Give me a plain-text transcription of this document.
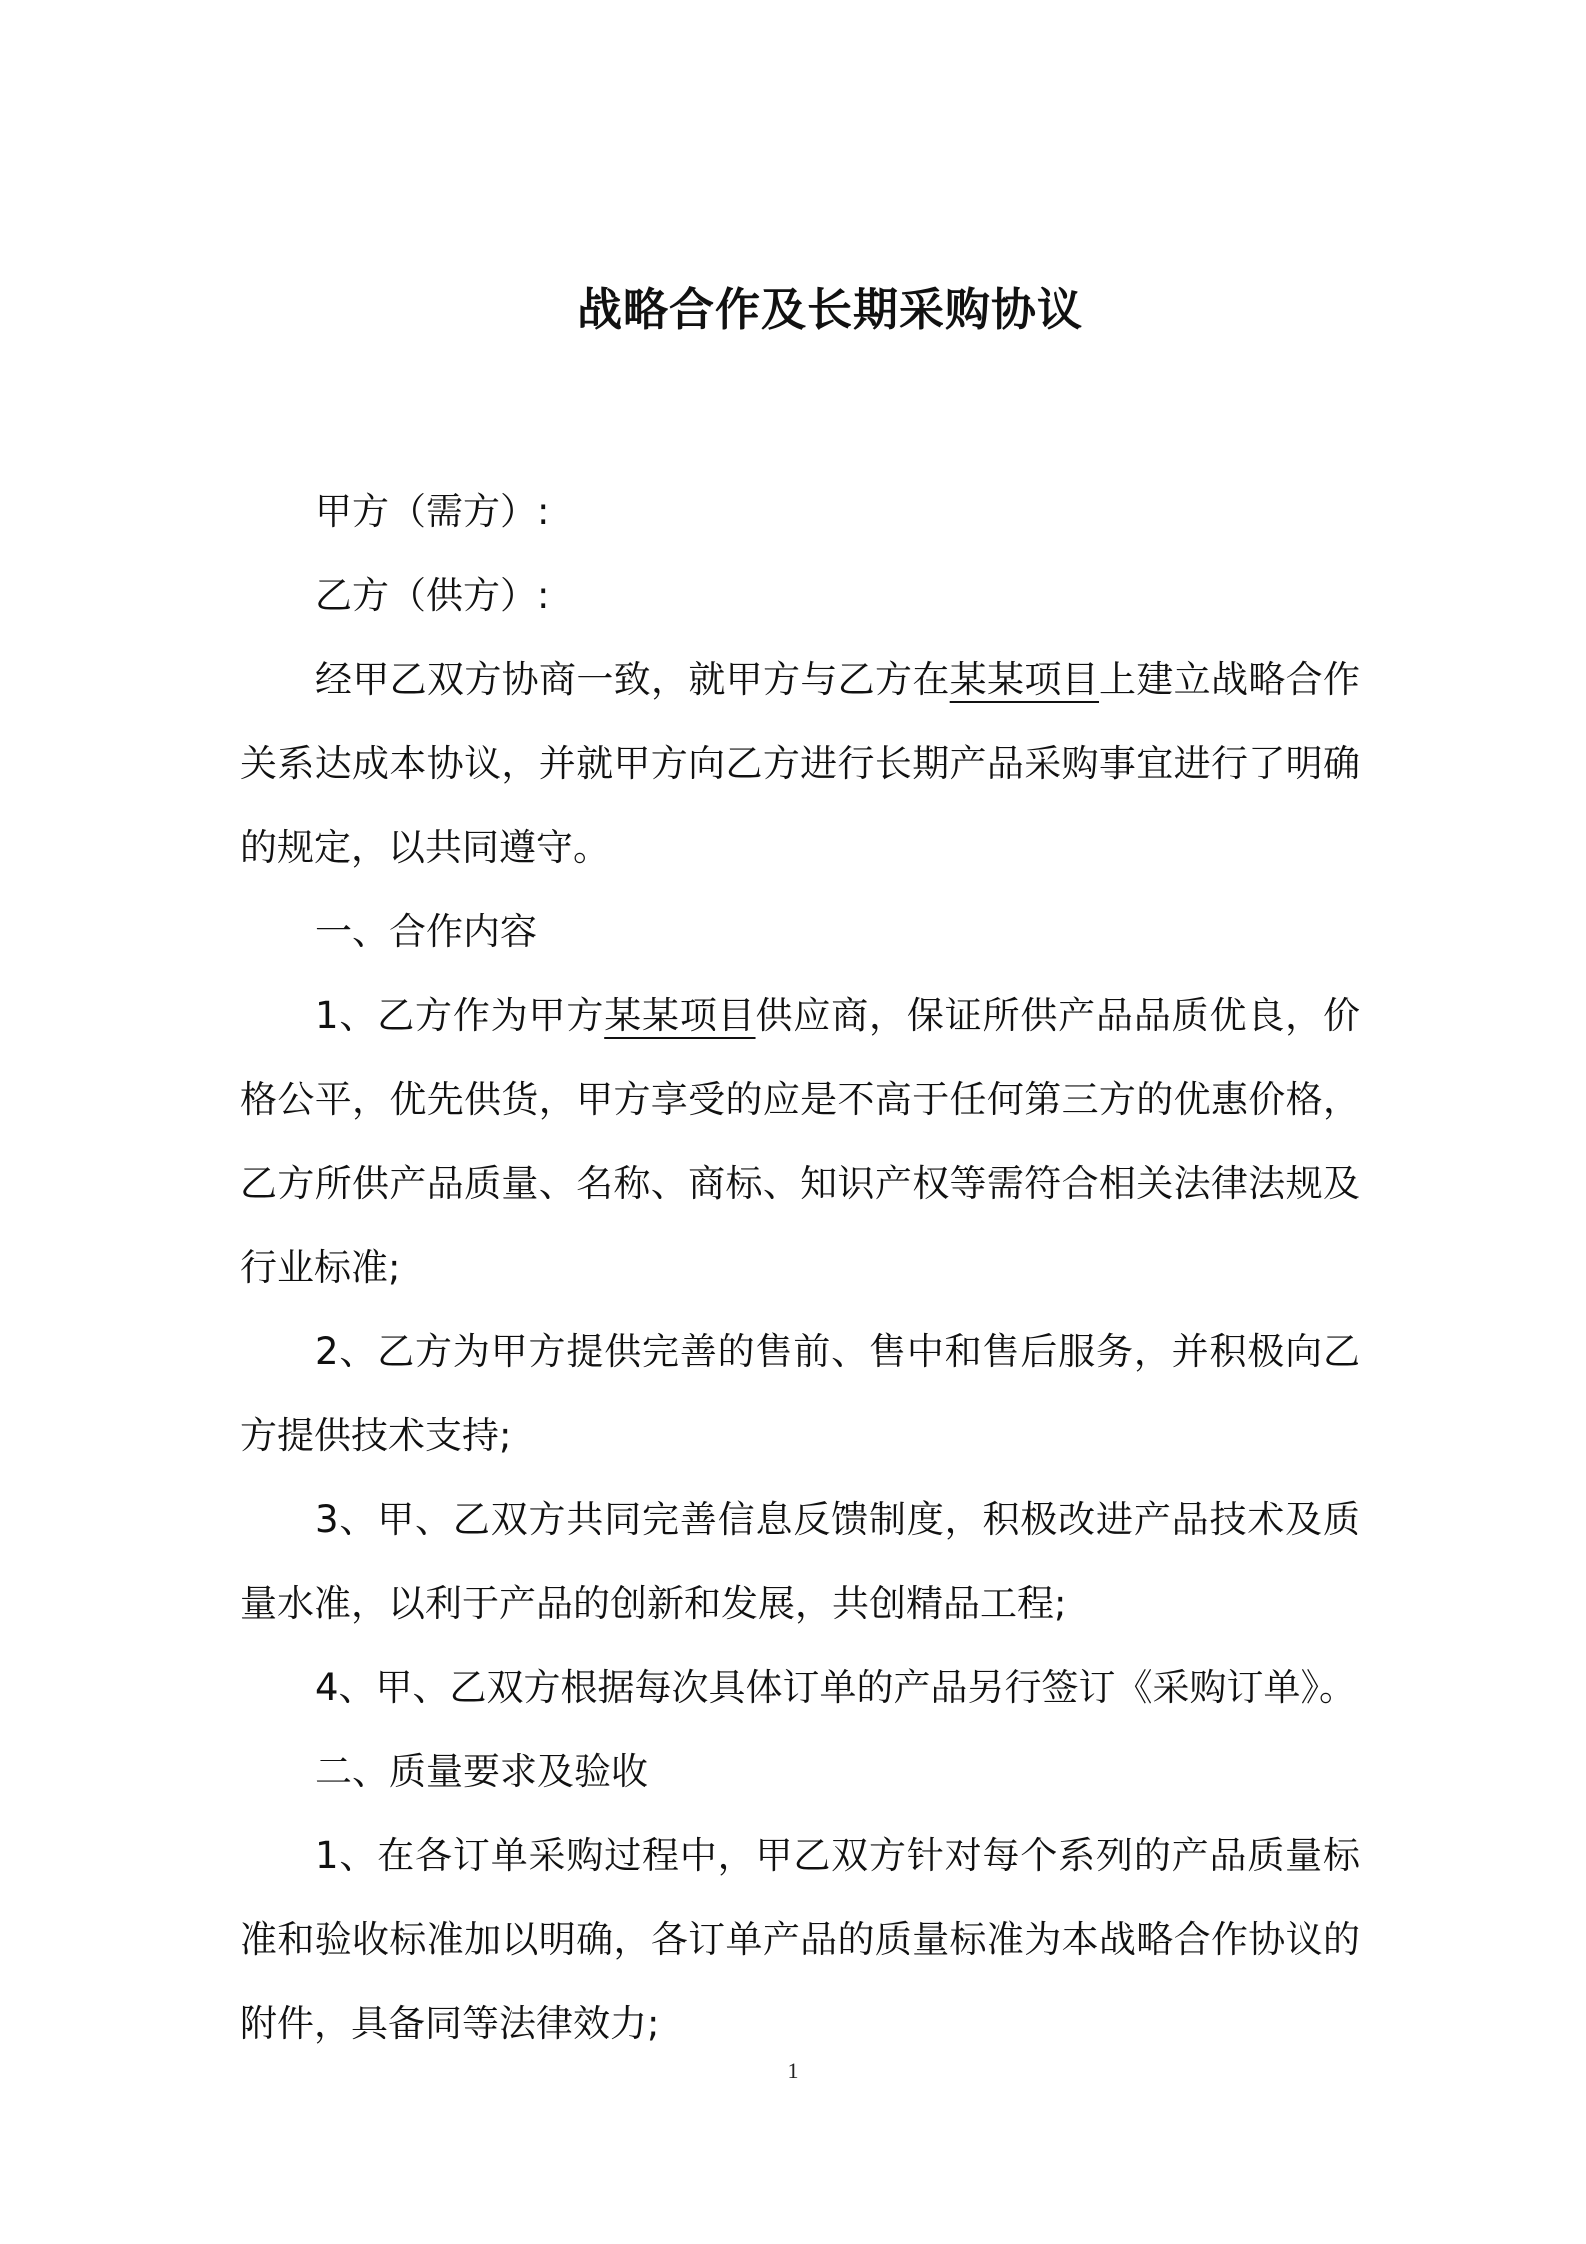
战略合作及长期采购协议

甲方（需方）:

乙方（供方）:

经甲乙双方协商一致，就甲方与乙方在某某项目上建立战略合作关系达成本协议，并就甲方向乙方进行长期产品采购事宜进行了明确的规定，以共同遵守。

一、合作内容

1、乙方作为甲方某某项目供应商，保证所供产品品质优良，价格公平，优先供货，甲方享受的应是不高于任何第三方的优惠价格，乙方所供产品质量、名称、商标、知识产权等需符合相关法律法规及行业标准;

2、乙方为甲方提供完善的售前、售中和售后服务，并积极向乙方提供技术支持;

3、甲、乙双方共同完善信息反馈制度，积极改进产品技术及质量水准，以利于产品的创新和发展，共创精品工程;

4、甲、乙双方根据每次具体订单的产品另行签订《采购订单》。

二、质量要求及验收

1、在各订单采购过程中，甲乙双方针对每个系列的产品质量标准和验收标准加以明确，各订单产品的质量标准为本战略合作协议的附件，具备同等法律效力;

1
